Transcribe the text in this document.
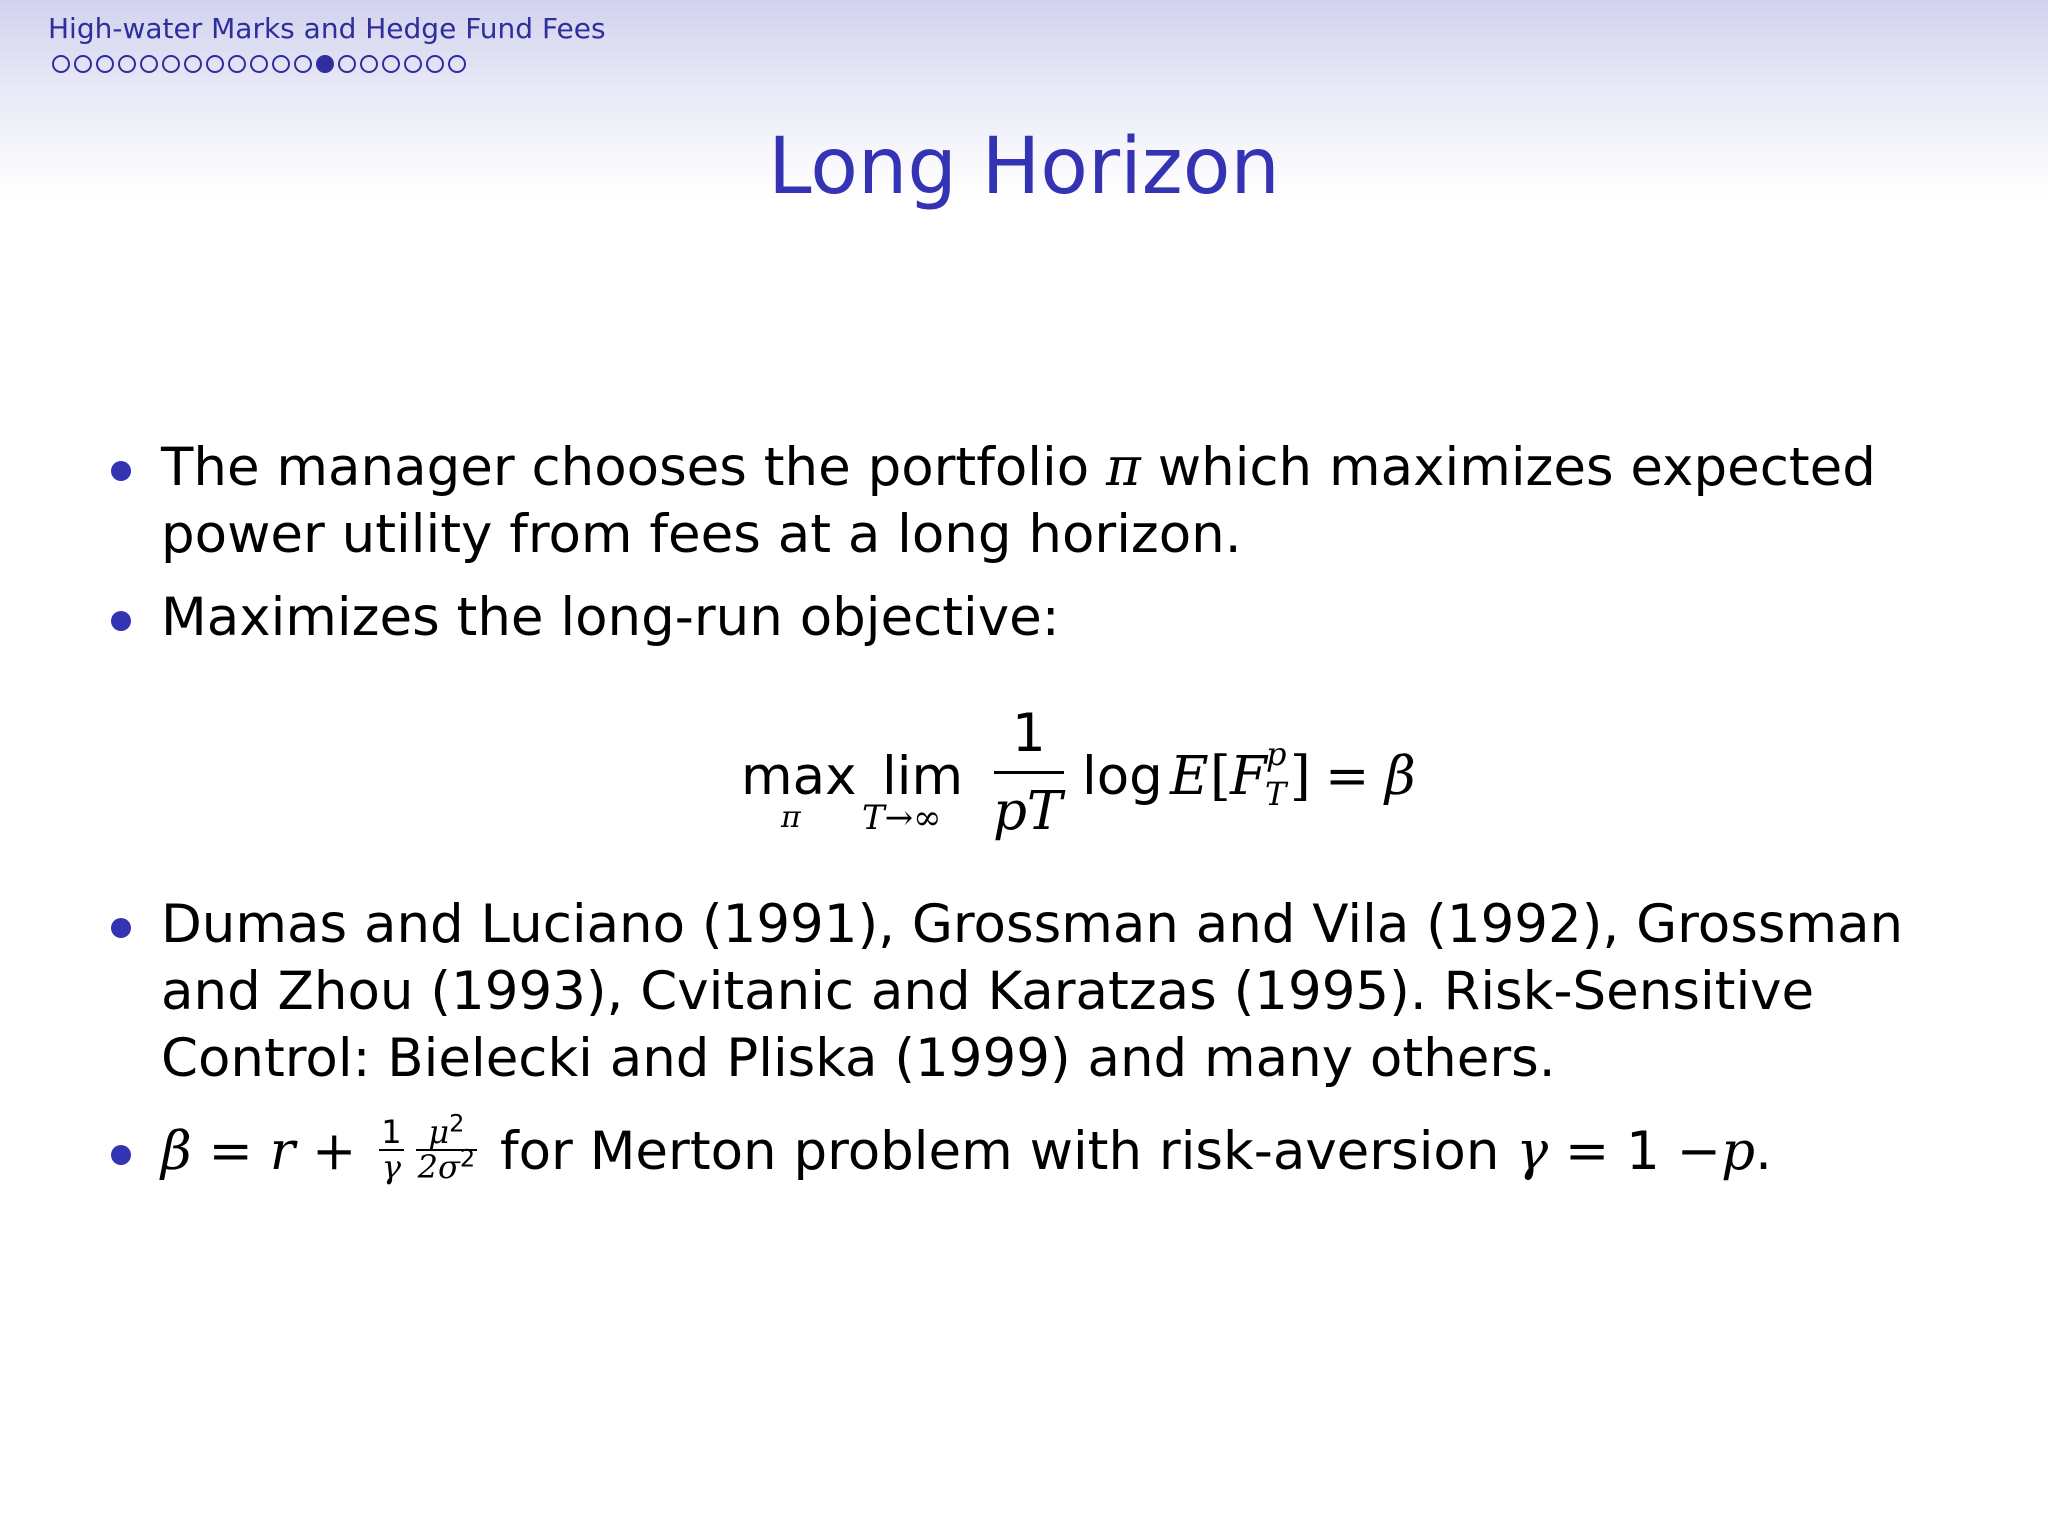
High-water Marks and Hedge Fund Fees
Long Horizon
The manager chooses the portfolio π which maximizes expected power utility from fees at a long horizon.
Maximizes the long-run objective:
max
π
lim
T→∞
1
pT
log E [ F p
T ] = β
Dumas and Luciano (1991), Grossman and Vila (1992), Grossman and Zhou (1993), Cvitanic and Karatzas (1995). Risk-Sensitive Control: Bielecki and Pliska (1999) and many others.
$\beta = r + \frac{1}{\gamma} \frac{\mu^2}{2\sigma^2}$ for Merton problem with risk-aversion γ = 1 −p.
